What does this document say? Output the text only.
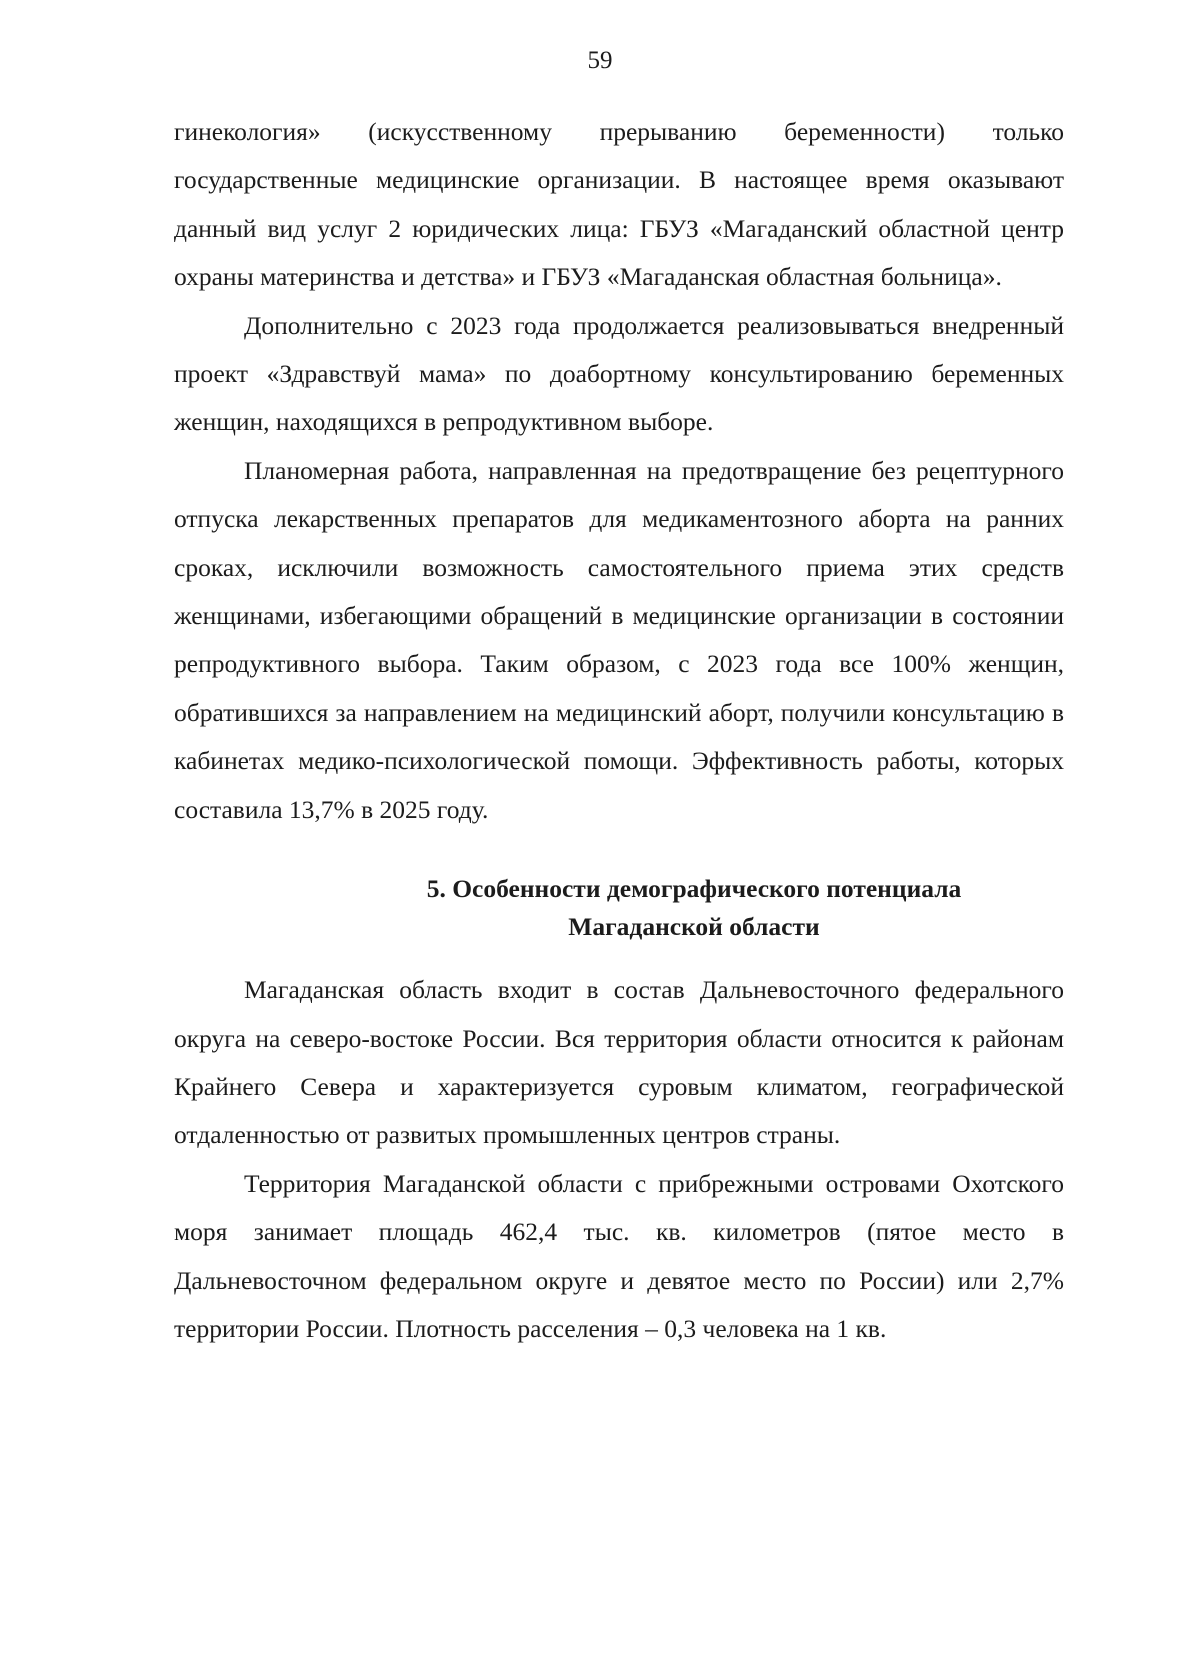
59

гинекология» (искусственному прерыванию беременности) только государственные медицинские организации. В настоящее время оказывают данный вид услуг 2 юридических лица: ГБУЗ «Магаданский областной центр охраны материнства и детства» и ГБУЗ «Магаданская областная больница».

Дополнительно с 2023 года продолжается реализовываться внедренный проект «Здравствуй мама» по доабортному консультированию беременных женщин, находящихся в репродуктивном выборе.

Планомерная работа, направленная на предотвращение без рецептурного отпуска лекарственных препаратов для медикаментозного аборта на ранних сроках, исключили возможность самостоятельного приема этих средств женщинами, избегающими обращений в медицинские организации в состоянии репродуктивного выбора. Таким образом, с 2023 года все 100% женщин, обратившихся за направлением на медицинский аборт, получили консультацию в кабинетах медико-психологической помощи. Эффективность работы, которых составила 13,7% в 2025 году.

5. Особенности демографического потенциала
Магаданской области

Магаданская область входит в состав Дальневосточного федерального округа на северо-востоке России. Вся территория области относится к районам Крайнего Севера и характеризуется суровым климатом, географической отдаленностью от развитых промышленных центров страны.

Территория Магаданской области с прибрежными островами Охотского моря занимает площадь 462,4 тыс. кв. километров (пятое место в Дальневосточном федеральном округе и девятое место по России) или 2,7% территории России. Плотность расселения – 0,3 человека на 1 кв.
